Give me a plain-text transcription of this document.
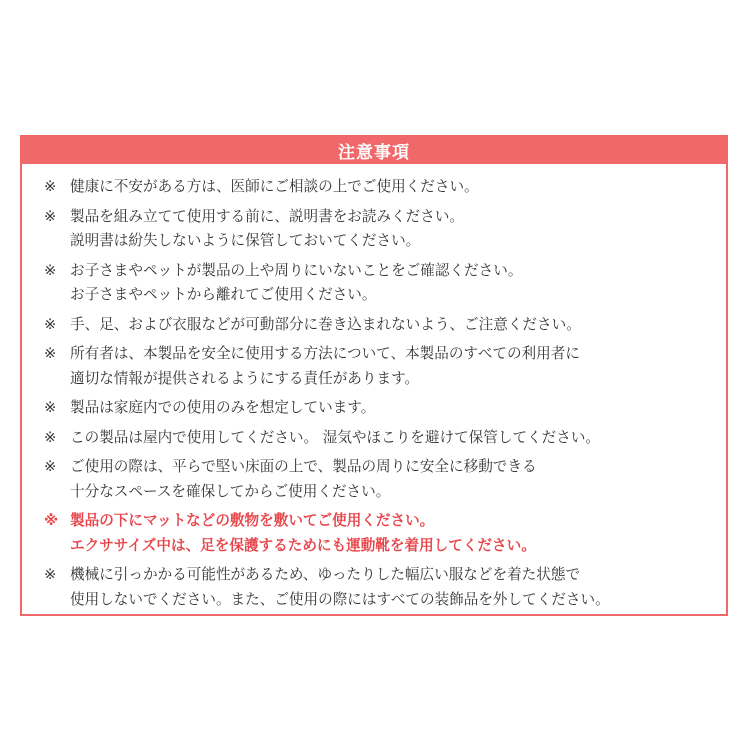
注意事項
※ 健康に不安がある方は、医師にご相談の上でご使用ください。
※ 製品を組み立てて使用する前に、説明書をお読みください。
説明書は紛失しないように保管しておいてください。
※ お子さまやペットが製品の上や周りにいないことをご確認ください。
お子さまやペットから離れてご使用ください。
※ 手、足、および衣服などが可動部分に巻き込まれないよう、ご注意ください。
※ 所有者は、本製品を安全に使用する方法について、本製品のすべての利用者に
適切な情報が提供されるようにする責任があります。
※ 製品は家庭内での使用のみを想定しています。
※ この製品は屋内で使用してください。 湿気やほこりを避けて保管してください。
※ ご使用の際は、平らで堅い床面の上で、製品の周りに安全に移動できる
十分なスペースを確保してからご使用ください。
※ 製品の下にマットなどの敷物を敷いてご使用ください。
エクササイズ中は、足を保護するためにも運動靴を着用してください。
※ 機械に引っかかる可能性があるため、ゆったりした幅広い服などを着た状態で
使用しないでください。また、ご使用の際にはすべての装飾品を外してください。
